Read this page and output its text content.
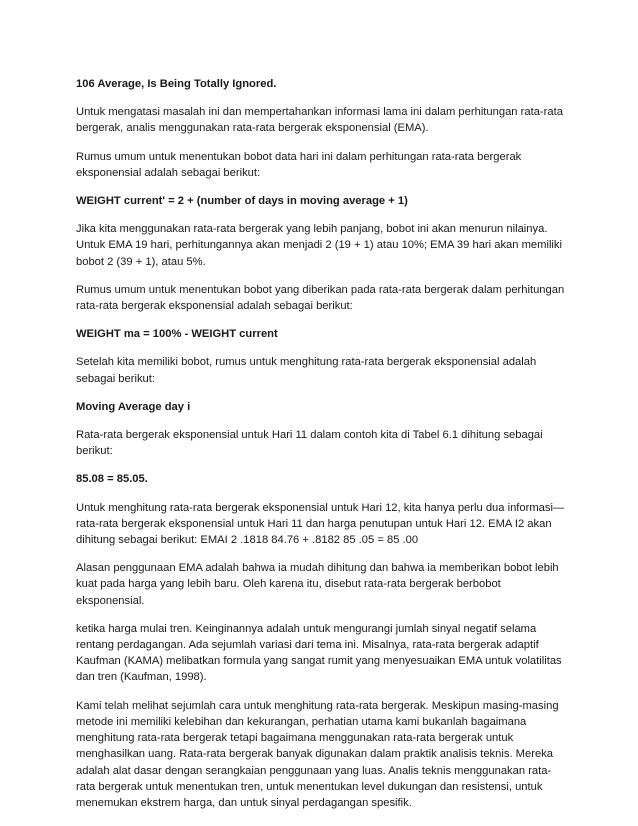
106 Average, Is Being Totally Ignored.

Untuk mengatasi masalah ini dan mempertahankan informasi lama ini dalam perhitungan rata-rata bergerak, analis menggunakan rata-rata bergerak eksponensial (EMA).

Rumus umum untuk menentukan bobot data hari ini dalam perhitungan rata-rata bergerak eksponensial adalah sebagai berikut:

WEIGHT current' = 2 + (number of days in moving average + 1)

Jika kita menggunakan rata-rata bergerak yang lebih panjang, bobot ini akan menurun nilainya. Untuk EMA 19 hari, perhitungannya akan menjadi 2 (19 + 1) atau 10%; EMA 39 hari akan memiliki bobot 2 (39 + 1), atau 5%.

Rumus umum untuk menentukan bobot yang diberikan pada rata-rata bergerak dalam perhitungan rata-rata bergerak eksponensial adalah sebagai berikut:

WEIGHT ma = 100% - WEIGHT current

Setelah kita memiliki bobot, rumus untuk menghitung rata-rata bergerak eksponensial adalah sebagai berikut:

Moving Average day i

Rata-rata bergerak eksponensial untuk Hari 11 dalam contoh kita di Tabel 6.1 dihitung sebagai berikut:

85.08 = 85.05.

Untuk menghitung rata-rata bergerak eksponensial untuk Hari 12, kita hanya perlu dua informasi—rata-rata bergerak eksponensial untuk Hari 11 dan harga penutupan untuk Hari 12. EMA I2 akan dihitung sebagai berikut: EMAI 2 .1818 84.76 + .8182 85 .05 = 85 .00

Alasan penggunaan EMA adalah bahwa ia mudah dihitung dan bahwa ia memberikan bobot lebih kuat pada harga yang lebih baru. Oleh karena itu, disebut rata-rata bergerak berbobot eksponensial.

ketika harga mulai tren. Keinginannya adalah untuk mengurangi jumlah sinyal negatif selama rentang perdagangan. Ada sejumlah variasi dari tema ini. Misalnya, rata-rata bergerak adaptif Kaufman (KAMA) melibatkan formula yang sangat rumit yang menyesuaikan EMA untuk volatilitas dan tren (Kaufman, 1998).

Kami telah melihat sejumlah cara untuk menghitung rata-rata bergerak. Meskipun masing-masing metode ini memiliki kelebihan dan kekurangan, perhatian utama kami bukanlah bagaimana menghitung rata-rata bergerak tetapi bagaimana menggunakan rata-rata bergerak untuk menghasilkan uang. Rata-rata bergerak banyak digunakan dalam praktik analisis teknis. Mereka adalah alat dasar dengan serangkaian penggunaan yang luas. Analis teknis menggunakan rata-rata bergerak untuk menentukan tren, untuk menentukan level dukungan dan resistensi, untuk menemukan ekstrem harga, dan untuk sinyal perdagangan spesifik.
